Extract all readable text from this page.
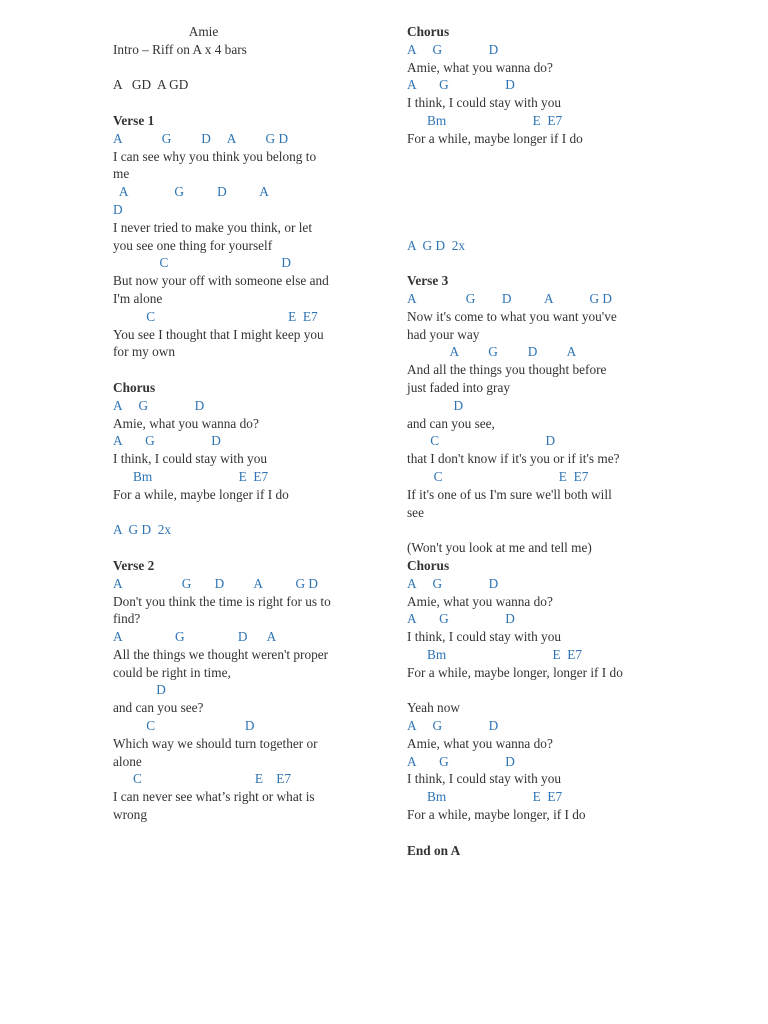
Amie
Intro – Riff on A x 4 bars
A   GD  A GD
Verse 1
A            G         D     A         G D
I can see why you think you belong to
me
A              G          D          A
D
I never tried to make you think, or let
you see one thing for yourself
C                                  D
But now your off with someone else and
I'm alone
C                                        E  E7
You see I thought that I might keep you
for my own
Chorus
A     G              D
Amie, what you wanna do?
A       G                 D
I think, I could stay with you
Bm                          E  E7
For a while, maybe longer if I do
A  G D  2x
Verse 2
A                  G       D         A          G D
Don't you think the time is right for us to
find?
A                G                D      A
All the things we thought weren't proper
could be right in time,
D
and can you see?
C                           D
Which way we should turn together or
alone
C                                  E    E7
I can never see what’s right or what is
wrong
Chorus
A     G              D
Amie, what you wanna do?
A       G                 D
I think, I could stay with you
Bm                          E  E7
For a while, maybe longer if I do
A  G D  2x
Verse 3
A               G        D          A           G D
Now it's come to what you want you've
had your way
A         G         D         A
And all the things you thought before
just faded into gray
D
and can you see,
C                                D
that I don't know if it's you or if it's me?
C                                   E  E7
If it's one of us I'm sure we'll both will
see
(Won't you look at me and tell me)
Chorus
A     G              D
Amie, what you wanna do?
A       G                 D
I think, I could stay with you
Bm                                E  E7
For a while, maybe longer, longer if I do
Yeah now
A     G              D
Amie, what you wanna do?
A       G                 D
I think, I could stay with you
Bm                          E  E7
For a while, maybe longer, if I do
End on A
